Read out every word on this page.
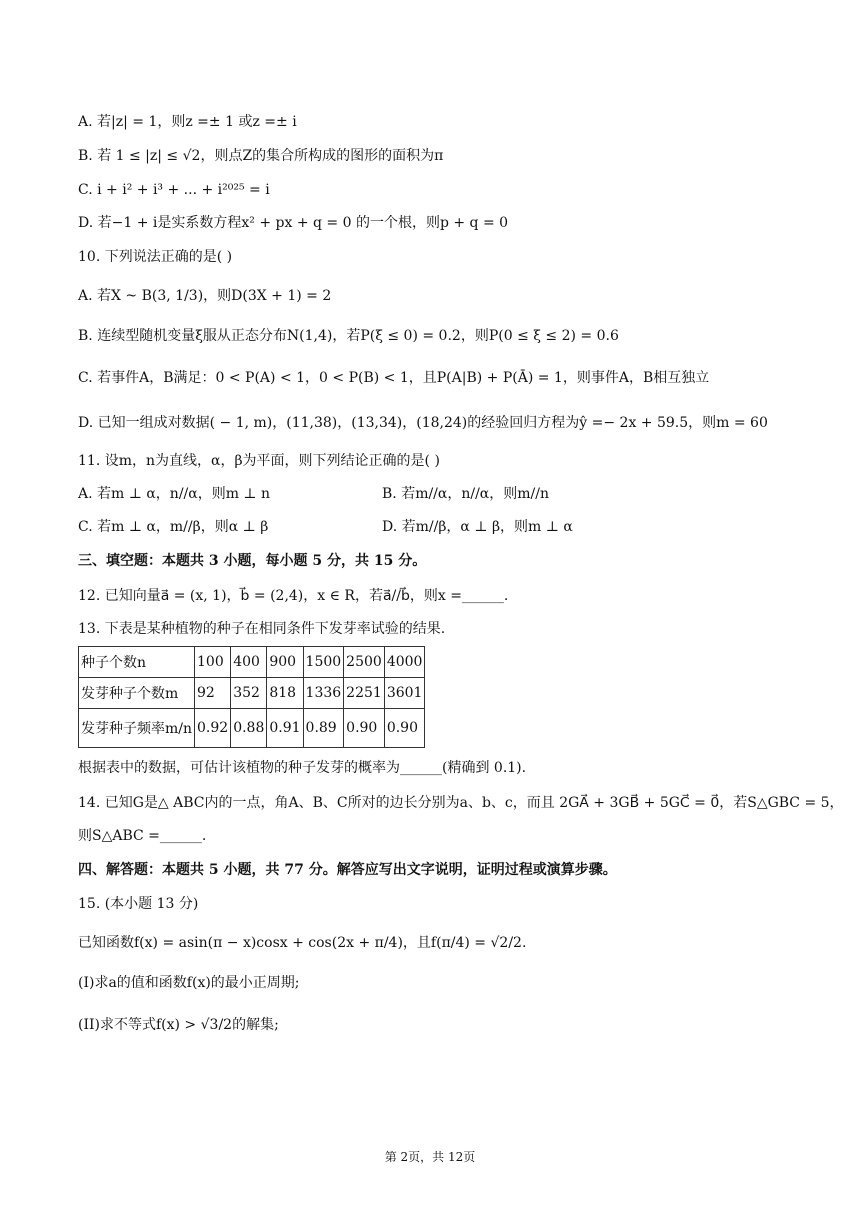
A. 若|z| = 1，则z =± 1 或z =± i
B. 若 1 ≤ |z| ≤ √2，则点Z的集合所构成的图形的面积为π
C. i + i² + i³ + ... + i²⁰²⁵ = i
D. 若−1 + i是实系数方程x² + px + q = 0 的一个根，则p + q = 0
10. 下列说法正确的是( )
A. 若X ~ B(3, 1/3)，则D(3X + 1) = 2
B. 连续型随机变量ξ服从正态分布N(1,4)，若P(ξ ≤ 0) = 0.2，则P(0 ≤ ξ ≤ 2) = 0.6
C. 若事件A，B满足：0 < P(A) < 1，0 < P(B) < 1，且P(A|B) + P(Ā) = 1，则事件A，B相互独立
D. 已知一组成对数据( − 1, m)，(11,38)，(13,34)，(18,24)的经验回归方程为ŷ =− 2x + 59.5，则m = 60
11. 设m，n为直线，α，β为平面，则下列结论正确的是( )
A. 若m ⊥ α，n//α，则m ⊥ n	B. 若m//α，n//α，则m//n
C. 若m ⊥ α，m//β，则α ⊥ β	D. 若m//β，α ⊥ β，则m ⊥ α
三、填空题：本题共 3 小题，每小题 5 分，共 15 分。
12. 已知向量a⃗ = (x, 1)，b⃗ = (2,4)，x ∈ R，若a⃗//b⃗，则x =______.
13. 下表是某种植物的种子在相同条件下发芽率试验的结果.
种子个数n	100	400	900	1500	2500	4000
发芽种子个数m	92	352	818	1336	2251	3601
发芽种子频率m/n	0.92	0.88	0.91	0.89	0.90	0.90
根据表中的数据，可估计该植物的种子发芽的概率为______(精确到 0.1).
14. 已知G是△ ABC内的一点，角A、B、C所对的边长分别为a、b、c，而且 2GA⃗ + 3GB⃗ + 5GC⃗ = 0⃗，若S△GBC = 5，
则S△ABC =______.
四、解答题：本题共 5 小题，共 77 分。解答应写出文字说明，证明过程或演算步骤。
15. (本小题 13 分)
已知函数f(x) = asin(π − x)cosx + cos(2x + π/4)，且f(π/4) = √2/2.
(I)求a的值和函数f(x)的最小正周期;
(II)求不等式f(x) > √3/2的解集;
第 2页，共 12页
